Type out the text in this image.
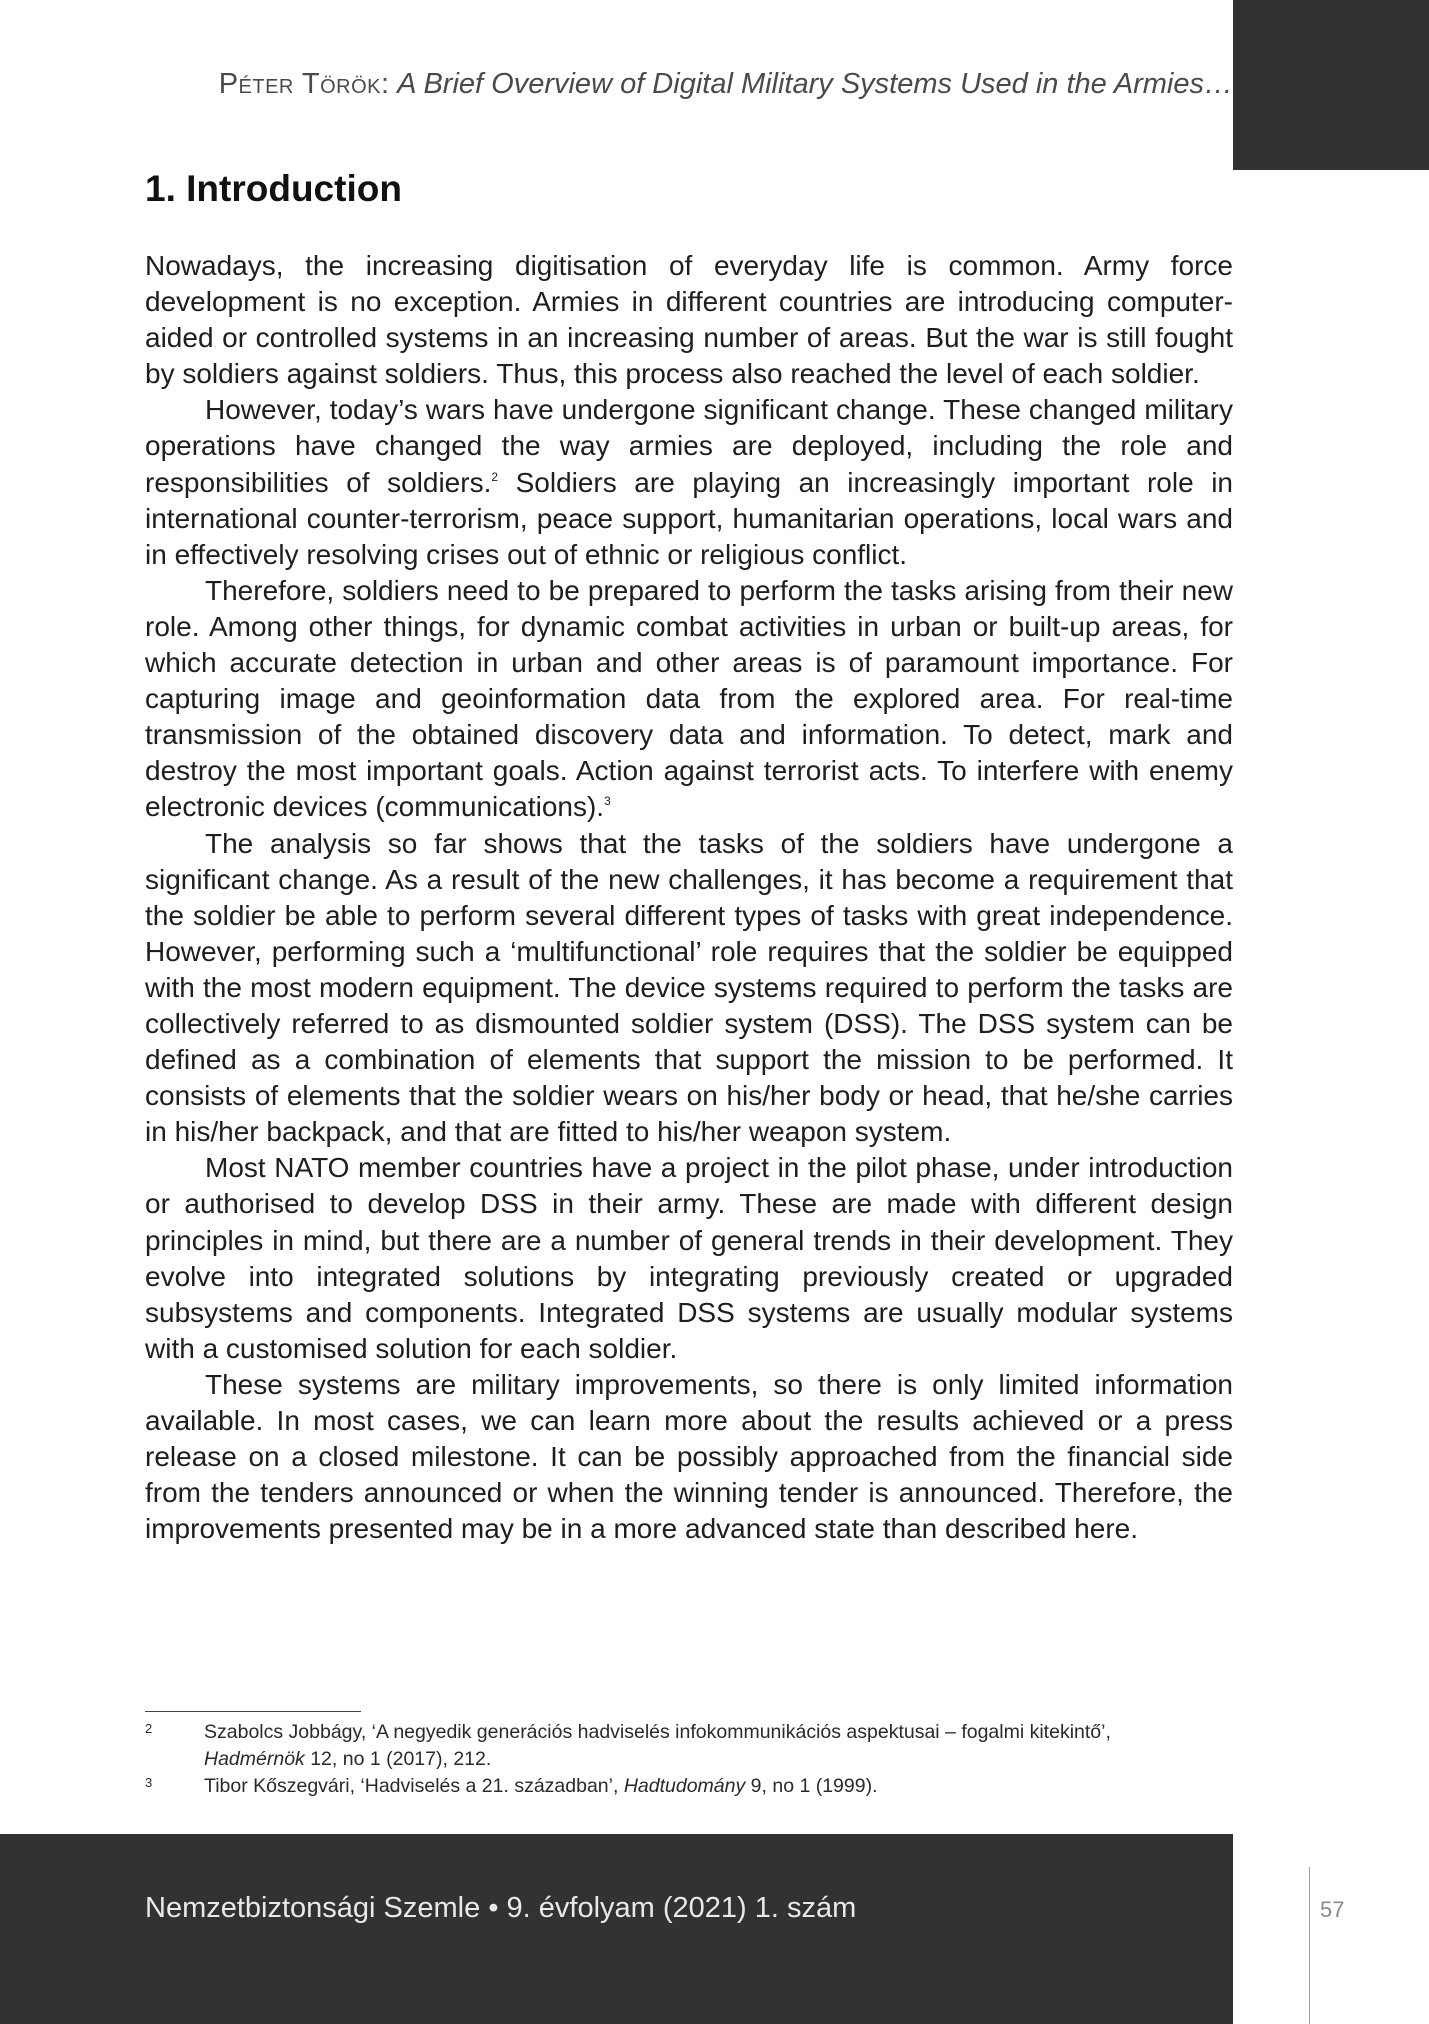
Péter Török: A Brief Overview of Digital Military Systems Used in the Armies…
1. Introduction

Nowadays, the increasing digitisation of everyday life is common. Army force development is no exception. Armies in different countries are introducing computer-aided or controlled systems in an increasing number of areas. But the war is still fought by soldiers against soldiers. Thus, this process also reached the level of each soldier.

However, today’s wars have undergone significant change. These changed military operations have changed the way armies are deployed, including the role and responsibilities of soldiers.$^2$ Soldiers are playing an increasingly important role in international counter-terrorism, peace support, humanitarian operations, local wars and in effectively resolving crises out of ethnic or religious conflict.

Therefore, soldiers need to be prepared to perform the tasks arising from their new role. Among other things, for dynamic combat activities in urban or built-up areas, for which accurate detection in urban and other areas is of paramount importance. For capturing image and geoinformation data from the explored area. For real-time transmission of the obtained discovery data and information. To detect, mark and destroy the most important goals. Action against terrorist acts. To interfere with enemy electronic devices (communications).$^3$

The analysis so far shows that the tasks of the soldiers have undergone a significant change. As a result of the new challenges, it has become a requirement that the soldier be able to perform several different types of tasks with great independence. However, performing such a ‘multifunctional’ role requires that the soldier be equipped with the most modern equipment. The device systems required to perform the tasks are collectively referred to as dismounted soldier system (DSS). The DSS system can be defined as a combination of elements that support the mission to be performed. It consists of elements that the soldier wears on his/her body or head, that he/she carries in his/her backpack, and that are fitted to his/her weapon system.

Most NATO member countries have a project in the pilot phase, under introduction or authorised to develop DSS in their army. These are made with different design principles in mind, but there are a number of general trends in their development. They evolve into integrated solutions by integrating previously created or upgraded subsystems and components. Integrated DSS systems are usually modular systems with a customised solution for each soldier.

These systems are military improvements, so there is only limited information available. In most cases, we can learn more about the results achieved or a press release on a closed milestone. It can be possibly approached from the financial side from the tenders announced or when the winning tender is announced. Therefore, the improvements presented may be in a more advanced state than described here.

2	Szabolcs Jobbágy, ‘A negyedik generációs hadviselés infokommunikációs aspektusai – fogalmi kitekintő’,
Hadmérnök 12, no 1 (2017), 212.
3	Tibor Kőszegvári, ‘Hadviselés a 21. században’, Hadtudomány 9, no 1 (1999).
Nemzetbiztonsági Szemle • 9. évfolyam (2021) 1. szám	57
